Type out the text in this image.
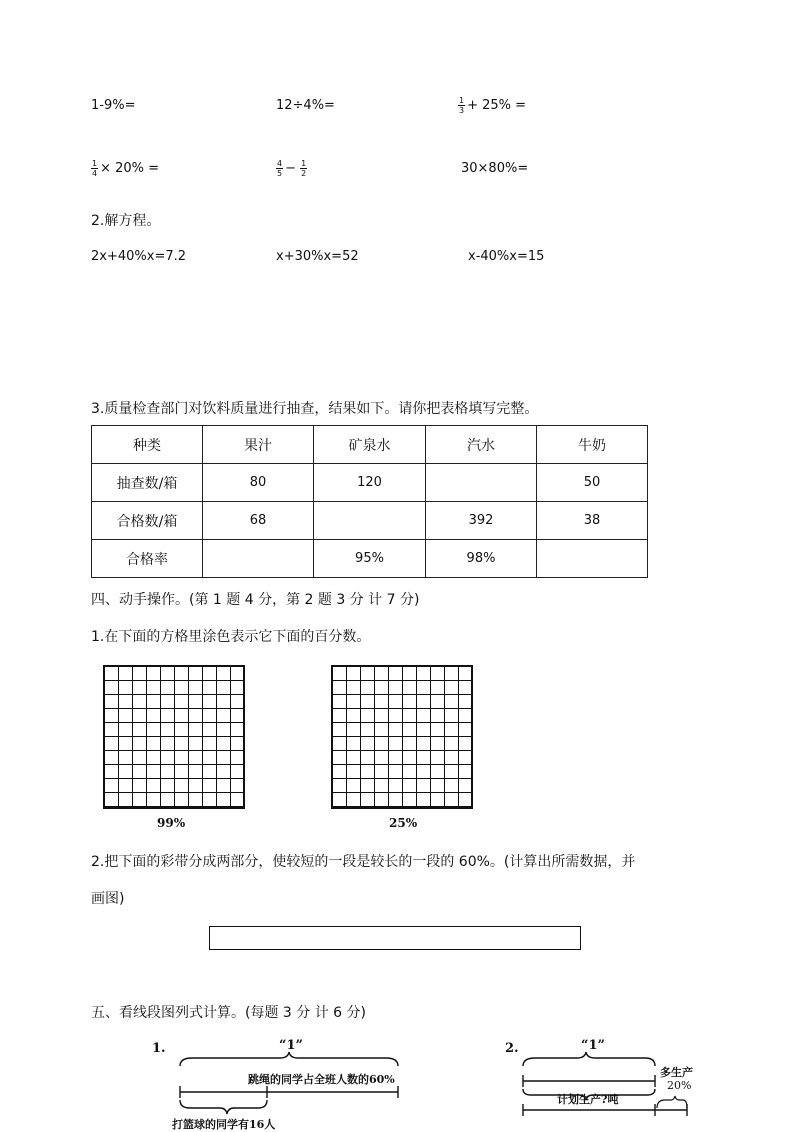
1-9%=	12÷4%=	$\frac{1}{3} + 25\%$ =
$\frac{1}{4} \times 20\%$ =	$\frac{4}{5} - \frac{1}{2}$	30×80%=
2.解方程。
2x+40%x=7.2	x+30%x=52	x-40%x=15
3.质量检查部门对饮料质量进行抽查，结果如下。请你把表格填写完整。
种类	果汁	矿泉水	汽水	牛奶
抽查数/箱	80	120		50
合格数/箱	68		392	38
合格率		95%	98%	
四、动手操作。(第 1 题 4 分，第 2 题 3 分 计 7 分)
1.在下面的方格里涂色表示它下面的百分数。
99%	25%
2.把下面的彩带分成两部分，使较短的一段是较长的一段的 60%。(计算出所需数据，并
画图)
五、看线段图列式计算。(每题 3 分 计 6 分)
1.	“1”
跳绳的同学占全班人数的60%
打篮球的同学有16人
2.	“1”
计划生产?吨
多生产
20%
